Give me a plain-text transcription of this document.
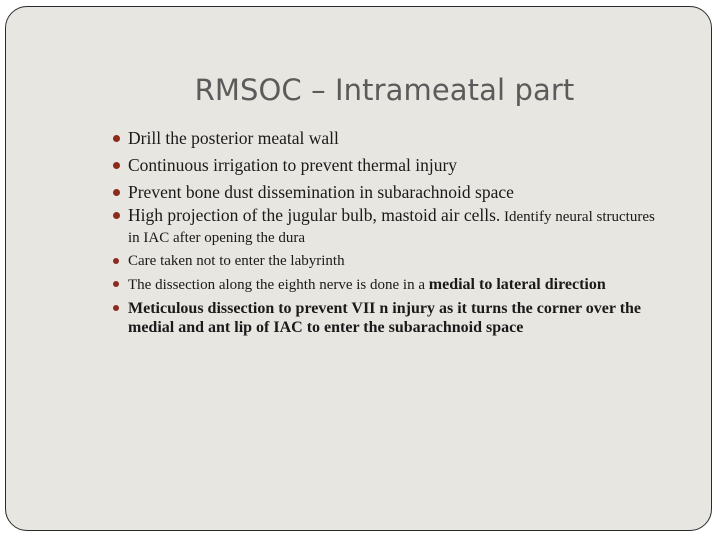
RMSOC – Intrameatal part
Drill the posterior meatal wall
Continuous irrigation to prevent thermal injury
Prevent bone dust dissemination in subarachnoid space
High projection of the jugular bulb, mastoid air cells. Identify neural structures in IAC after opening the dura
Care taken not to enter the labyrinth
The dissection along the eighth nerve is done in a medial to lateral direction
Meticulous dissection to prevent VII n injury as it turns the corner over the medial and ant lip of IAC to enter the subarachnoid space
